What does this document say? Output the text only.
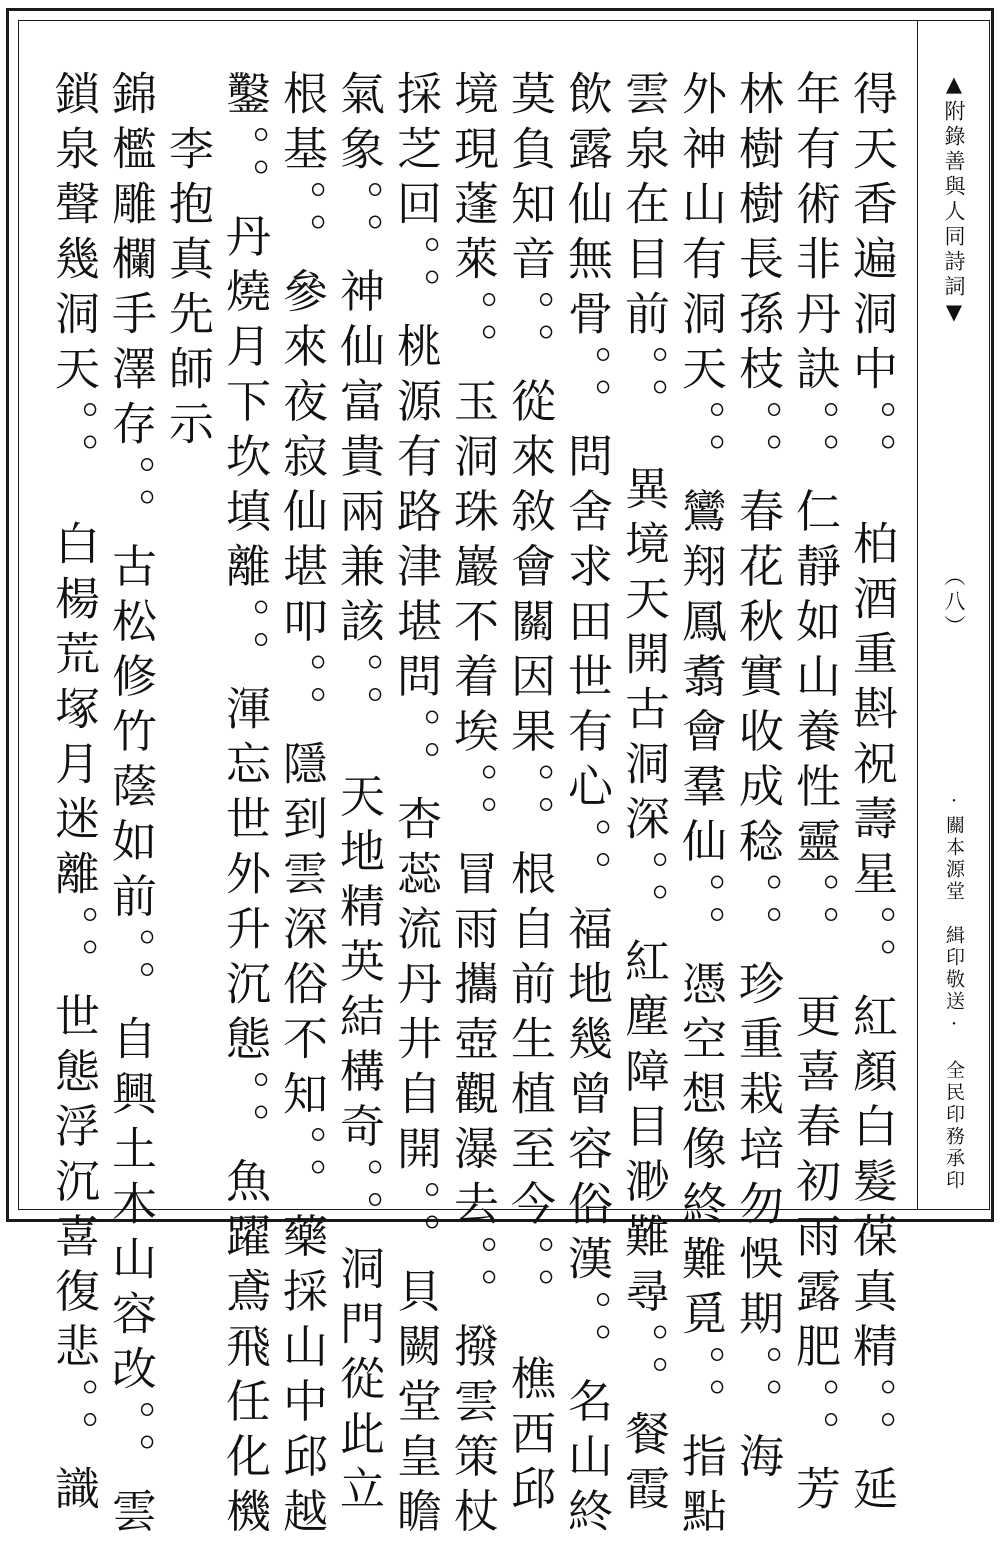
得天香遍洞中。。　柏酒重斟祝壽星。。紅顏白髮葆真精。。延
年有術非丹訣。。仁靜如山養性靈。。　更喜春初雨露肥。。芳
林樹樹長孫枝。。春花秋實收成稔。。珍重栽培勿悞期。。海
外神山有洞天。。鸞翔鳳翥會羣仙。。憑空想像終難覓。。指點
雲泉在目前。。　異境天開古洞深。。紅塵障目渺難尋。。餐霞
飲露仙無骨。。問舍求田世有心。。福地幾曾容俗漢。。名山終
莫負知音。。從來敘會關因果。。根自前生植至今。。　樵西邱
境現蓬萊。。玉洞珠巖不着埃。。冒雨攜壺觀瀑去。。撥雲策杖
採芝回。。桃源有路津堪問。。杏蕊流丹井自開。。貝闕堂皇瞻
氣象。。神仙富貴兩兼該。。　天地精英結構奇。。洞門從此立
根基。。參來夜寂仙堪叩。。隱到雲深俗不知。。藥採山中邱越
鑿。。丹燒月下坎填離。。渾忘世外升沉態。。魚躍鳶飛任化機
　李抱真先師示
錦檻雕欄手澤存。。古松修竹蔭如前。。自興土木山容改。。雲
鎖泉聲幾洞天。。　白楊荒塚月迷離。。世態浮沉喜復悲。。識	▲附錄善與人同詩詞▼
（八）
·關本源堂　緝印敬送·
全民印務承印
